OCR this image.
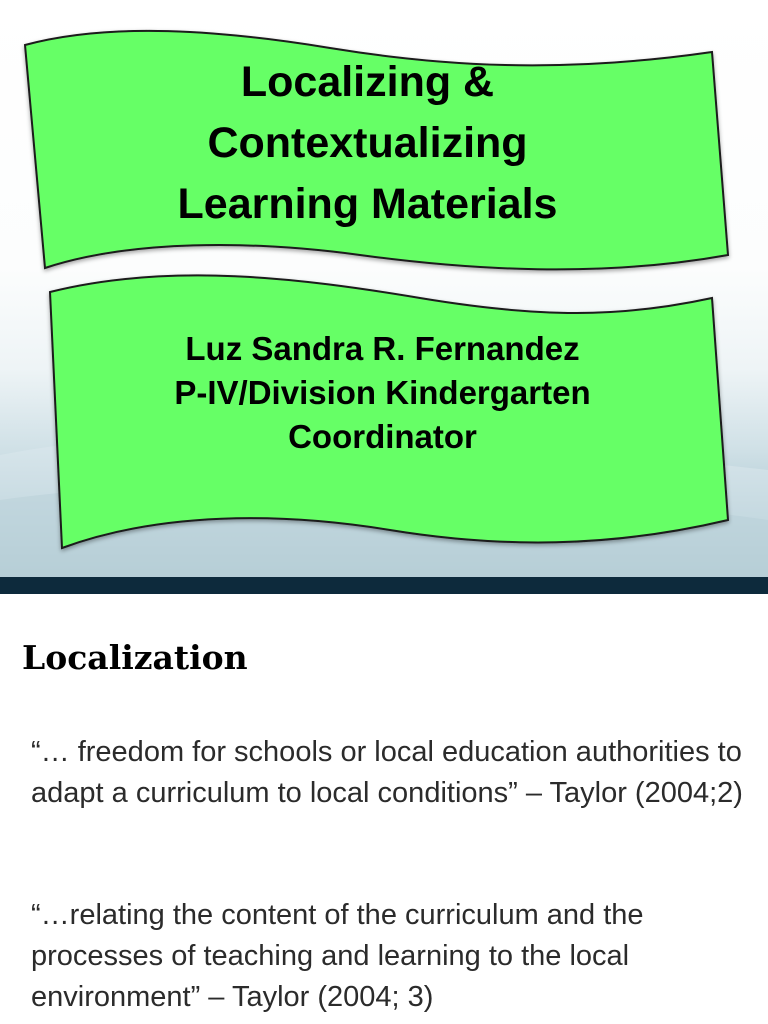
Localizing &
Contextualizing
Learning Materials
Luz Sandra R. Fernandez
P-IV/Division Kindergarten
Coordinator
Localization

“… freedom for schools or local education authorities to adapt a curriculum to local conditions” – Taylor (2004;2)

“…relating the content of the curriculum and the processes of teaching and learning to the local environment” – Taylor (2004; 3)
